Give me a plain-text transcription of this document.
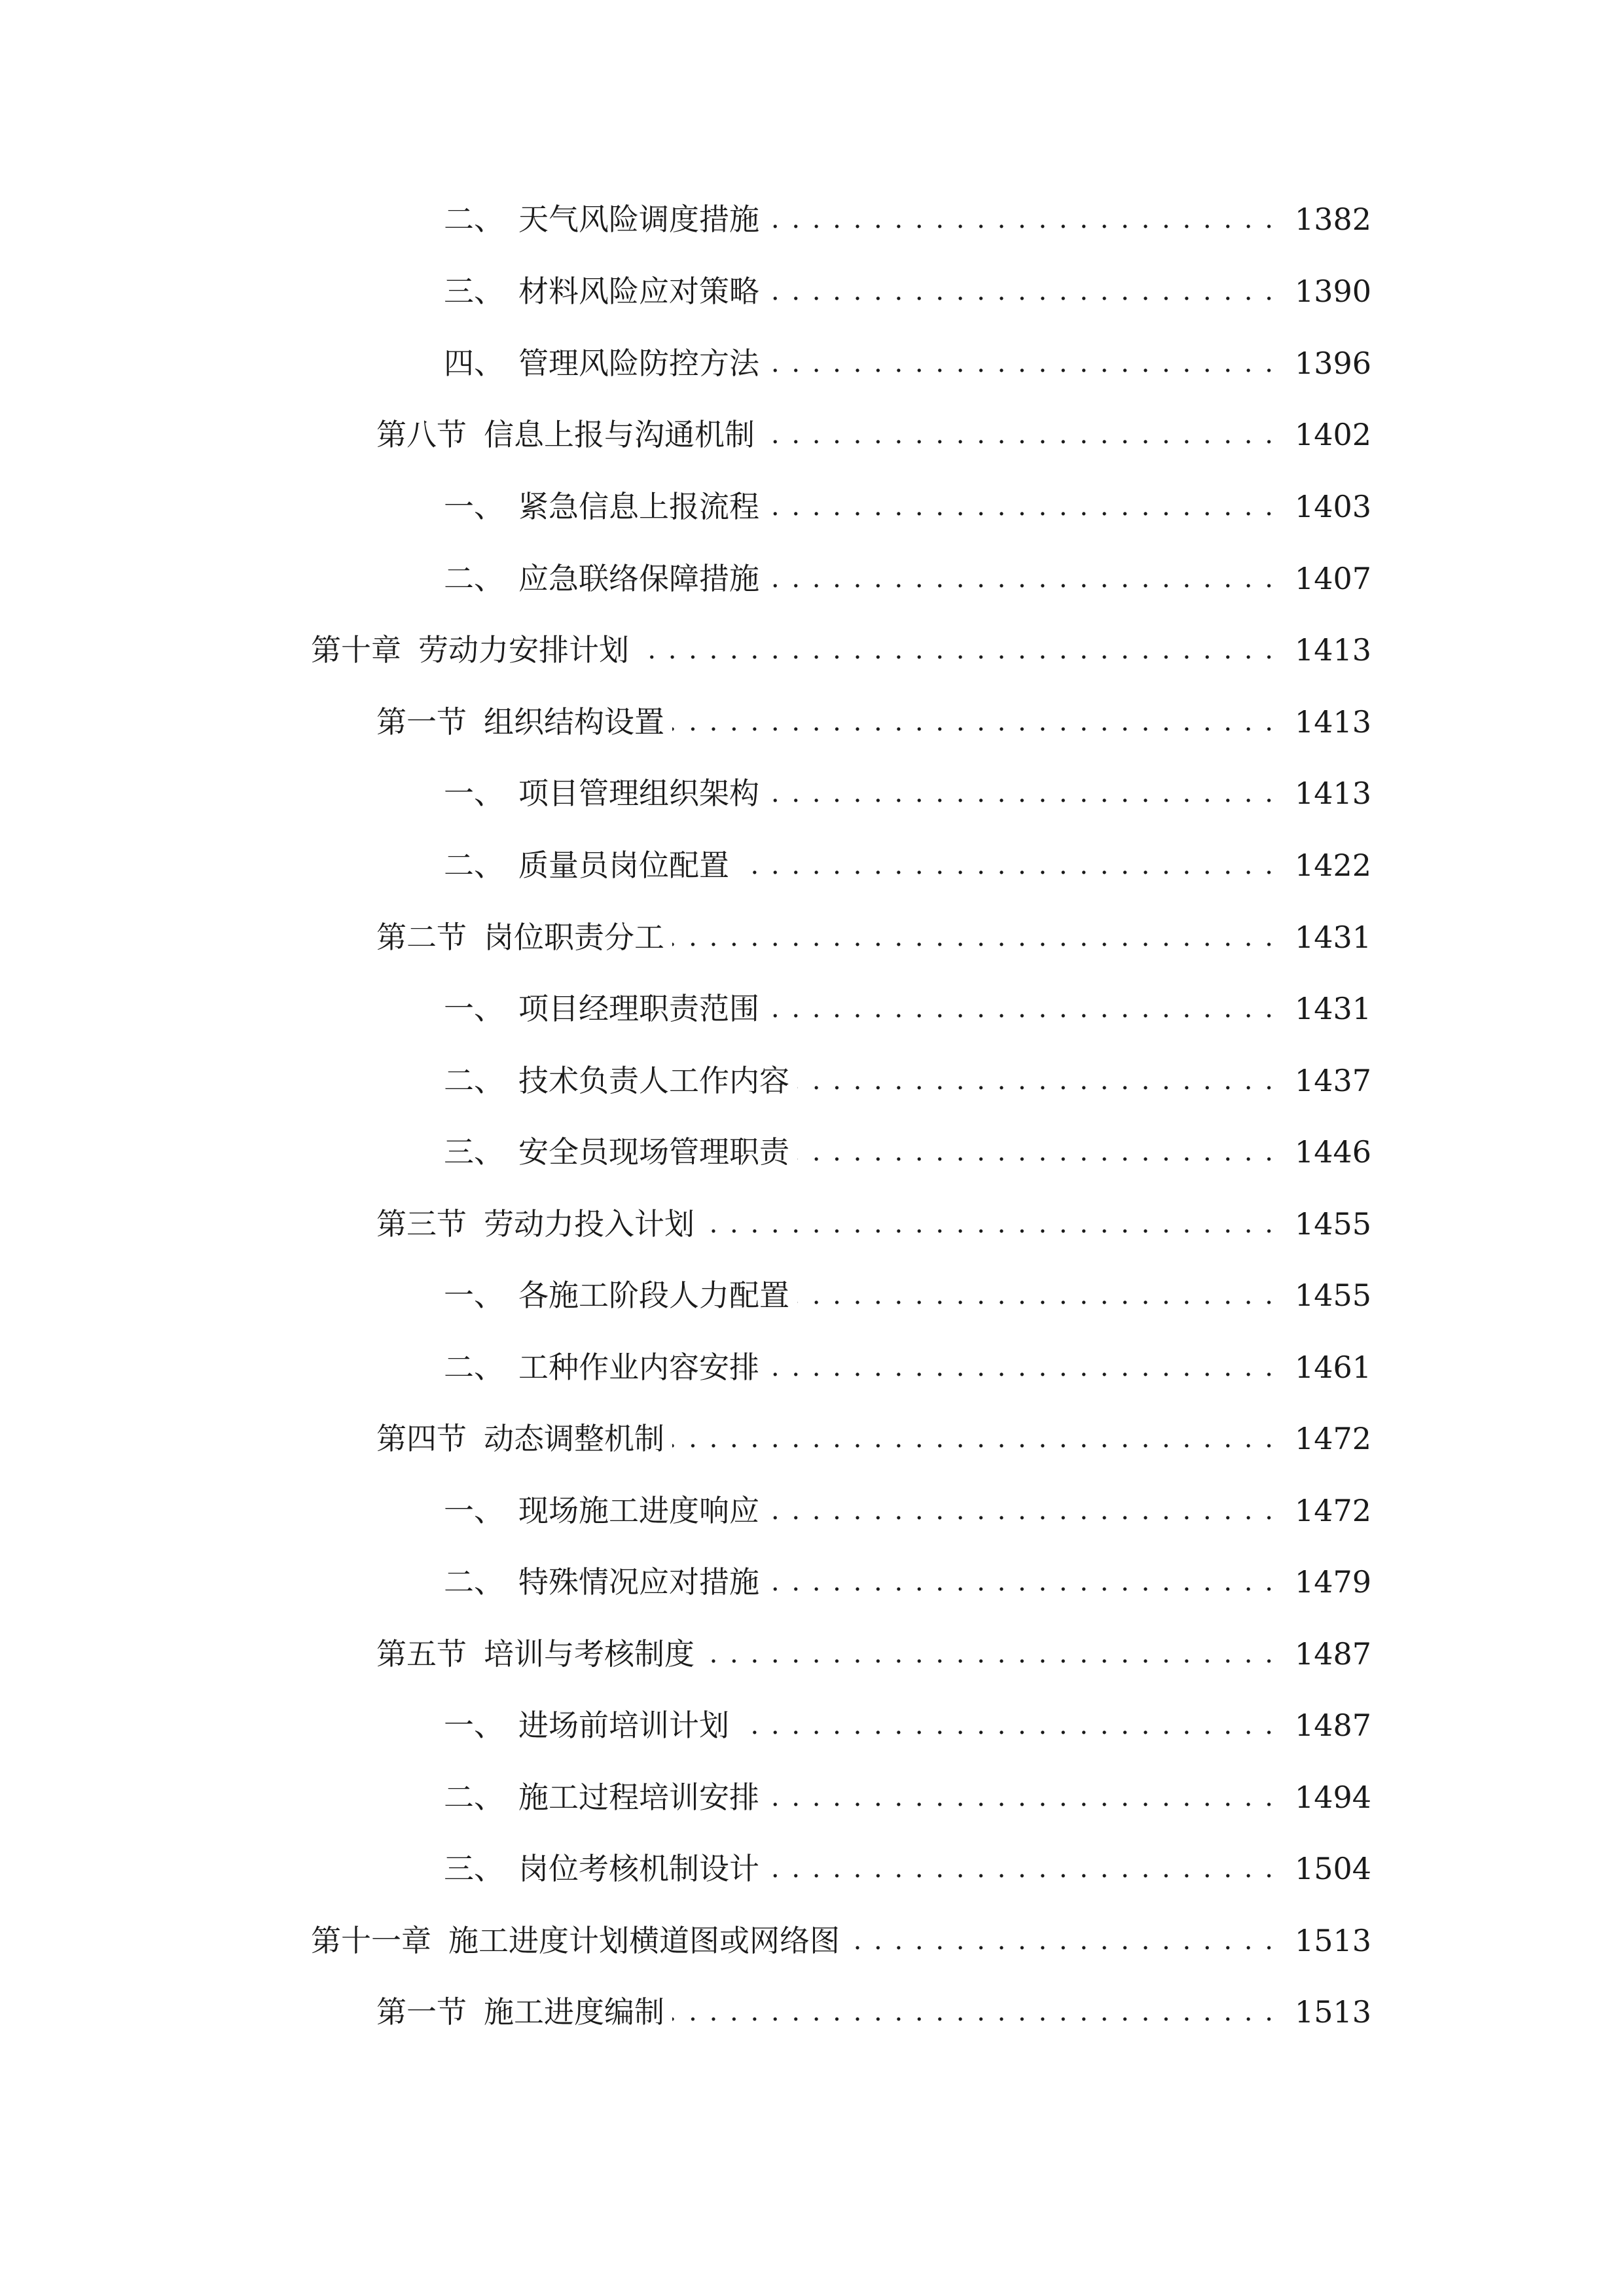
二、 天气风险调度措施 . . .	1382
三、 材料风险应对策略 . . .	1390
四、 管理风险防控方法 . . .	1396
第八节 信息上报与沟通机制 . . .	1402
一、 紧急信息上报流程 . . .	1403
二、 应急联络保障措施 . . .	1407
第十章 劳动力安排计划 . . .	1413
第一节 组织结构设置 . . .	1413
一、 项目管理组织架构 . . .	1413
二、 质量员岗位配置 . . .	1422
第二节 岗位职责分工 . . .	1431
一、 项目经理职责范围 . . .	1431
二、 技术负责人工作内容 . . .	1437
三、 安全员现场管理职责 . . .	1446
第三节 劳动力投入计划 . . .	1455
一、 各施工阶段人力配置 . . .	1455
二、 工种作业内容安排 . . .	1461
第四节 动态调整机制 . . .	1472
一、 现场施工进度响应 . . .	1472
二、 特殊情况应对措施 . . .	1479
第五节 培训与考核制度 . . .	1487
一、 进场前培训计划 . . .	1487
二、 施工过程培训安排 . . .	1494
三、 岗位考核机制设计 . . .	1504
第十一章 施工进度计划横道图或网络图 . . .	1513
第一节 施工进度编制 . . .	1513
